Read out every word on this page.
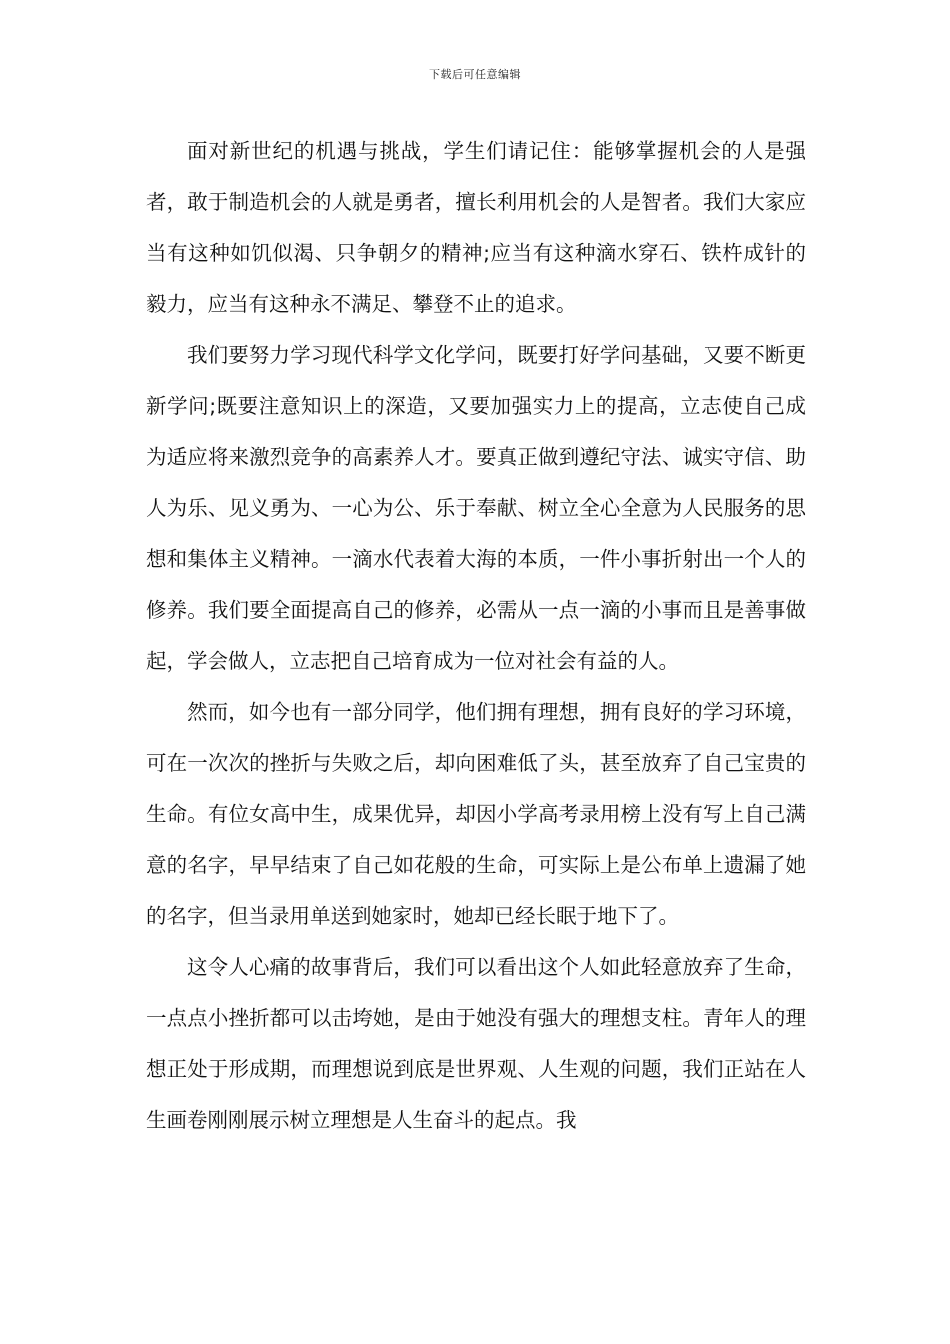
下载后可任意编辑

面对新世纪的机遇与挑战，学生们请记住：能够掌握机会的人是强者，敢于制造机会的人就是勇者，擅长利用机会的人是智者。我们大家应当有这种如饥似渴、只争朝夕的精神;应当有这种滴水穿石、铁杵成针的毅力，应当有这种永不满足、攀登不止的追求。

我们要努力学习现代科学文化学问，既要打好学问基础，又要不断更新学问;既要注意知识上的深造，又要加强实力上的提高，立志使自己成为适应将来激烈竞争的高素养人才。要真正做到遵纪守法、诚实守信、助人为乐、见义勇为、一心为公、乐于奉献、树立全心全意为人民服务的思想和集体主义精神。一滴水代表着大海的本质，一件小事折射出一个人的修养。我们要全面提高自己的修养，必需从一点一滴的小事而且是善事做起，学会做人，立志把自己培育成为一位对社会有益的人。

然而，如今也有一部分同学，他们拥有理想，拥有良好的学习环境，可在一次次的挫折与失败之后，却向困难低了头，甚至放弃了自己宝贵的生命。有位女高中生，成果优异，却因小学高考录用榜上没有写上自己满意的名字，早早结束了自己如花般的生命，可实际上是公布单上遗漏了她的名字，但当录用单送到她家时，她却已经长眠于地下了。

这令人心痛的故事背后，我们可以看出这个人如此轻意放弃了生命，一点点小挫折都可以击垮她，是由于她没有强大的理想支柱。青年人的理想正处于形成期，而理想说到底是世界观、人生观的问题，我们正站在人生画卷刚刚展示树立理想是人生奋斗的起点。我
